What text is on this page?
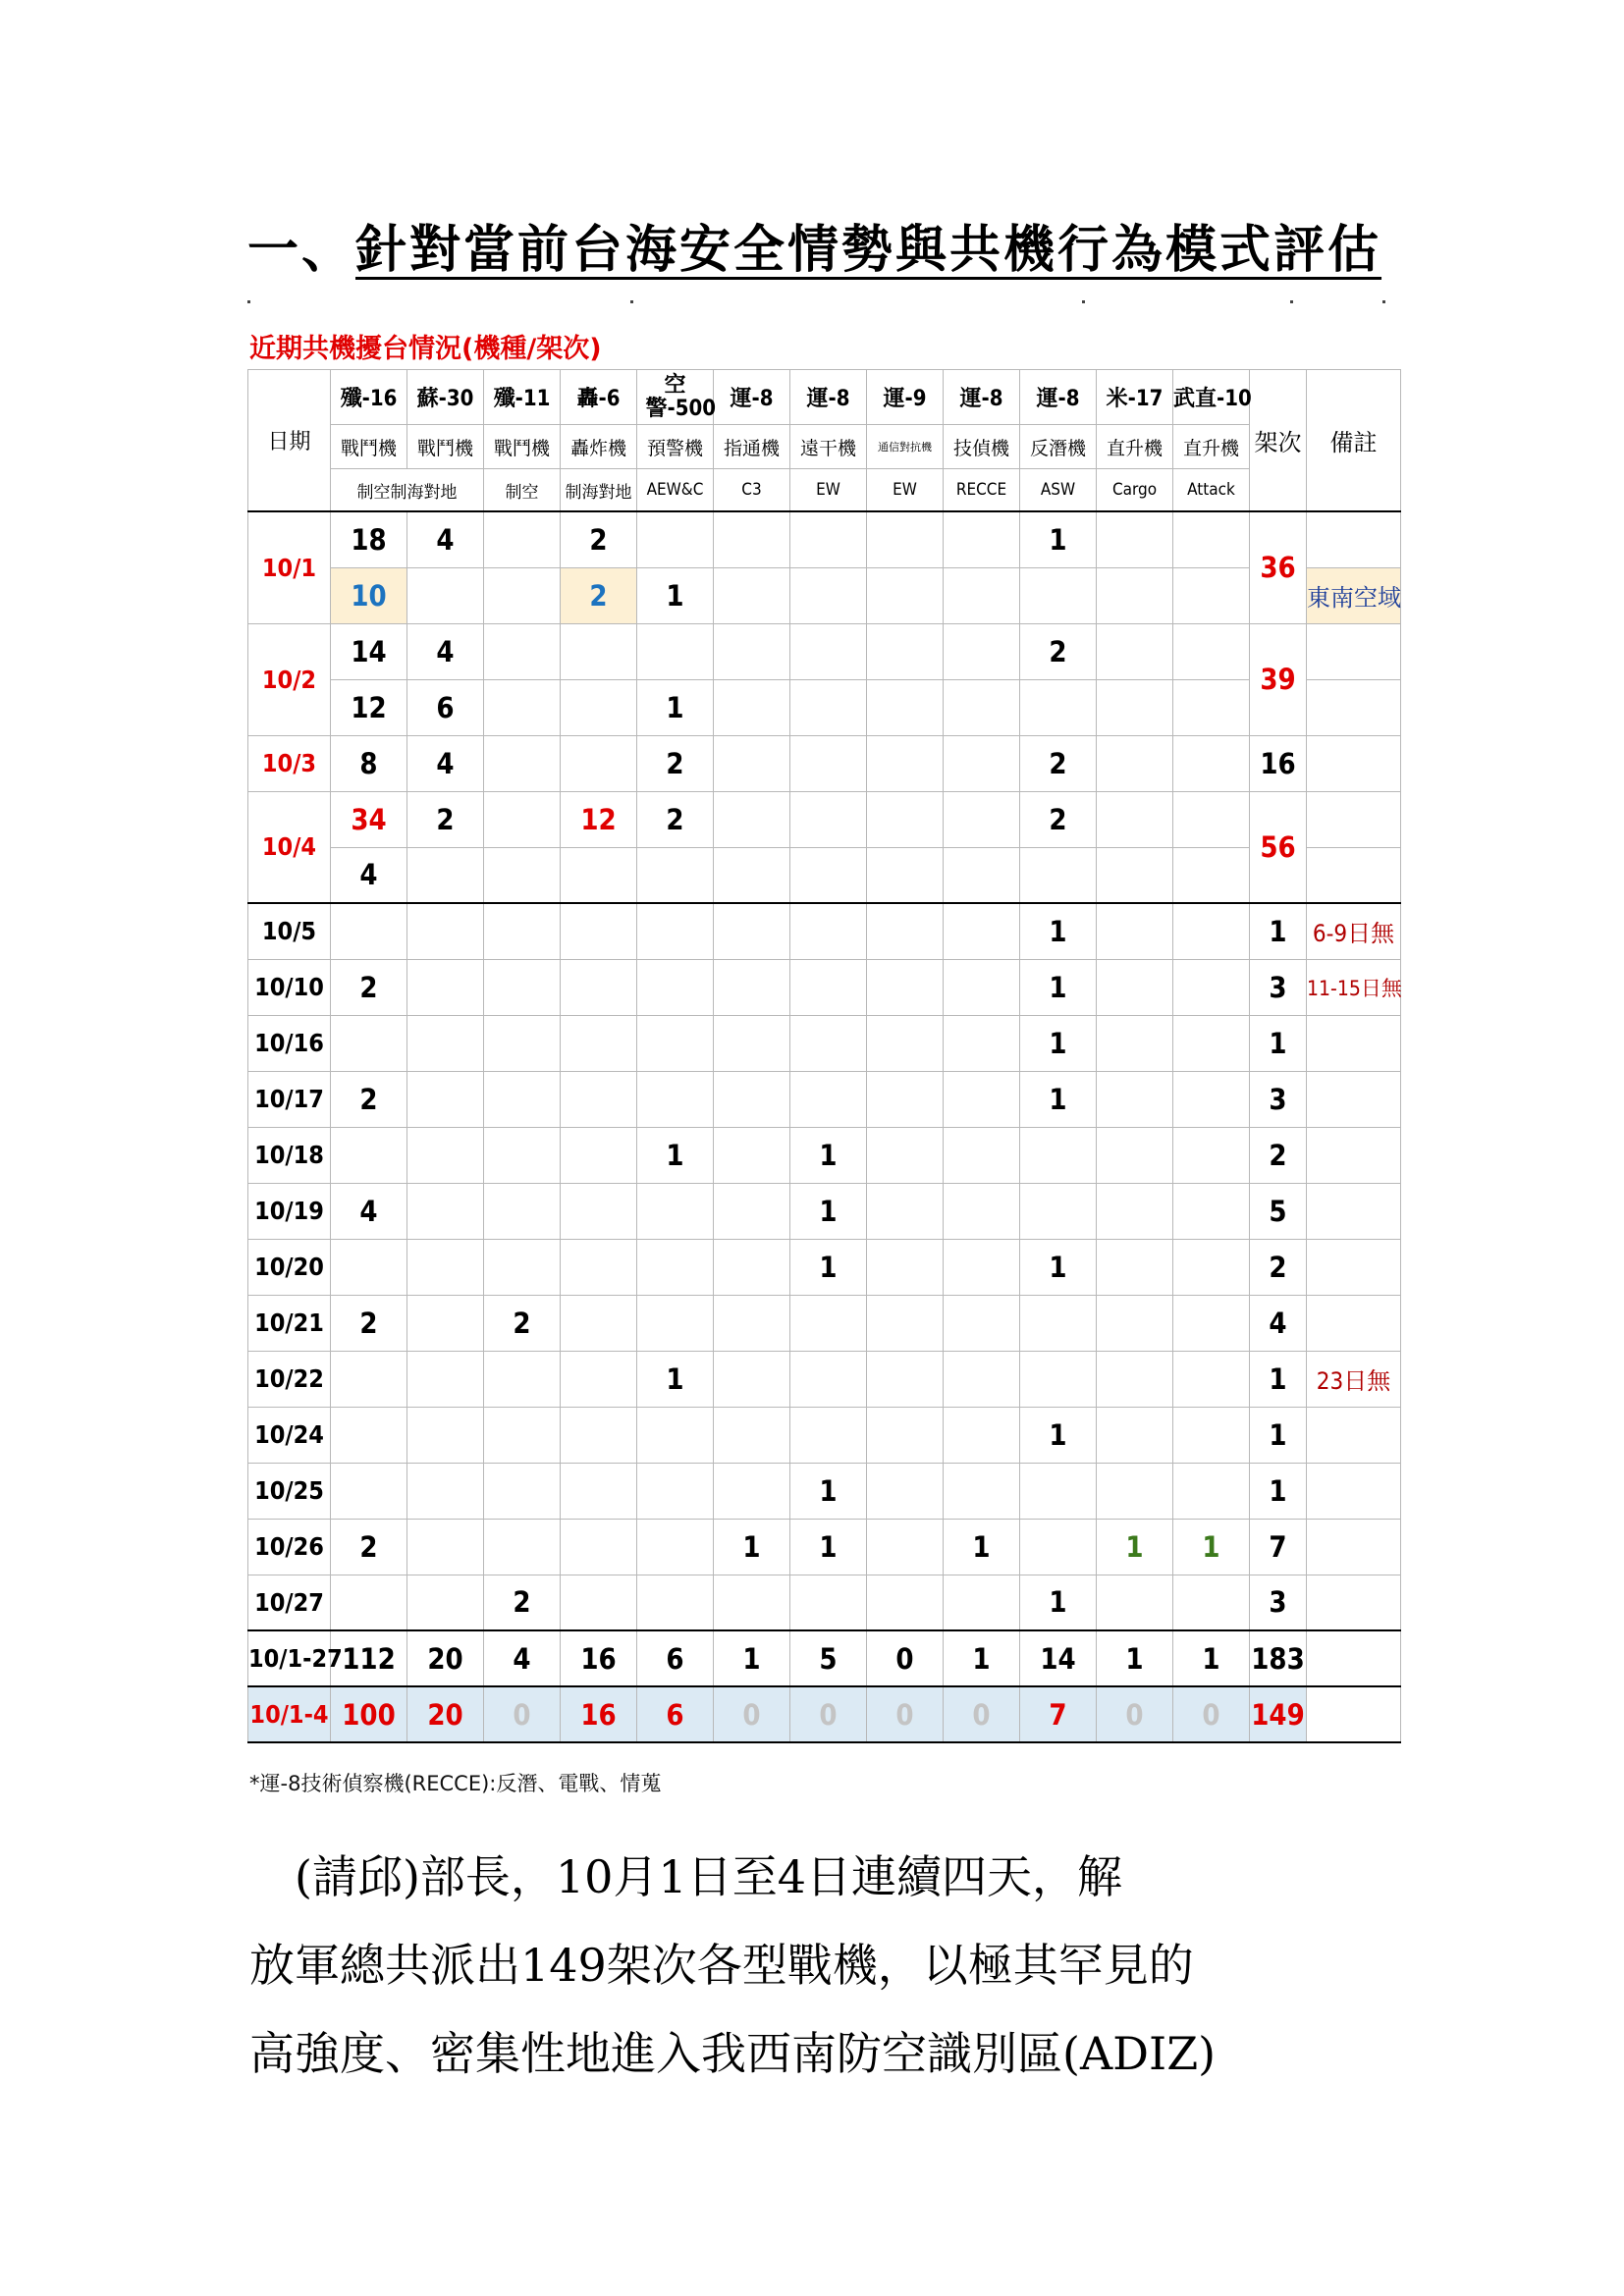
一、針對當前台海安全情勢與共機行為模式評估
近期共機擾台情況(機種/架次)
日期	殲-16	蘇-30	殲-11	轟-6	空警-500	運-8	運-8	運-9	運-8	運-8	米-17	武直-10	架次	備註
	戰鬥機	戰鬥機	戰鬥機	轟炸機	預警機	指通機	遠干機	通信對抗機	技偵機	反潛機	直升機	直升機		
	制空制海對地		制空	制海對地	AEW&C	C3	EW	EW	RECCE	ASW	Cargo	Attack		
10/1	18	4		2						1			36	
	10			2	1									東南空域
10/2	14	4								2			39	
	12	6			1									
10/3	8	4			2					2			16	
10/4	34	2		12	2					2			56	
	4													
10/5										1			1	6-9日無
10/10	2									1			3	11-15日無
10/16										1			1	
10/17	2									1			3	
10/18					1		1						2	
10/19	4						1						5	
10/20							1			1			2	
10/21	2		2										4	
10/22					1								1	23日無
10/24										1			1	
10/25							1						1	
10/26	2					1	1		1		1	1	7	
10/27			2							1			3	
10/1-27	112	20	4	16	6	1	5	0	1	14	1	1	183	
10/1-4	100	20	0	16	6	0	0	0	0	7	0	0	149	
*運-8技術偵察機(RECCE):反潛、電戰、情蒐

　(請邱)部長，10月1日至4日連續四天，解

放軍總共派出149架次各型戰機，以極其罕見的

高強度、密集性地進入我西南防空識別區(ADIZ)
